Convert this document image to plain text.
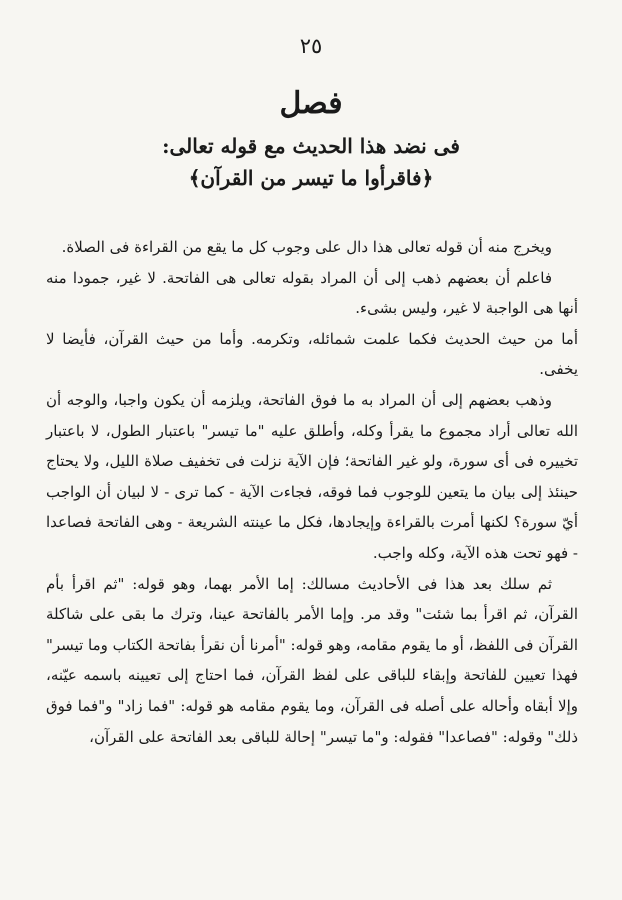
٢٥
فصل
فى نضد هذا الحديث مع قوله تعالى:
﴿فاقرأوا ما تيسر من القرآن﴾

ويخرج منه أن قوله تعالى هذا دال على وجوب كل ما يقع من القراءة فى الصلاة.

فاعلم أن بعضهم ذهب إلى أن المراد بقوله تعالى هى الفاتحة. لا غير، جمودا منه أنها هى الواجبة لا غير، وليس بشىء.

أما من حيث الحديث فكما علمت شمائله، وتكرمه. وأما من حيث القرآن، فأيضا لا يخفى.

وذهب بعضهم إلى أن المراد به ما فوق الفاتحة، ويلزمه أن يكون واجبا، والوجه أن الله تعالى أراد مجموع ما يقرأ وكله، وأطلق عليه "ما تيسر" باعتبار الطول، لا باعتبار تخييره فى أى سورة، ولو غير الفاتحة؛ فإن الآية نزلت فى تخفيف صلاة الليل، ولا يحتاج حينئذ إلى بيان ما يتعين للوجوب فما فوقه، فجاءت الآية - كما ترى - لا لبيان أن الواجب أيّ سورة؟ لكنها أمرت بالقراءة وإيجادها، فكل ما عينته الشريعة - وهى الفاتحة فصاعدا - فهو تحت هذه الآية، وكله واجب.

ثم سلك بعد هذا فى الأحاديث مسالك: إما الأمر بهما، وهو قوله: "ثم اقرأ بأم القرآن، ثم اقرأ بما شئت" وقد مر. وإما الأمر بالفاتحة عينا، وترك ما بقى على شاكلة القرآن فى اللفظ، أو ما يقوم مقامه، وهو قوله: "أمرنا أن نقرأ بفاتحة الكتاب وما تيسر" فهذا تعيين للفاتحة وإبقاء للباقى على لفظ القرآن، فما احتاج إلى تعيينه باسمه عيّنه، وإلا أبقاه وأحاله على أصله فى القرآن، وما يقوم مقامه هو قوله: "فما زاد" و"فما فوق ذلك" وقوله: "فصاعدا" فقوله: و"ما تيسر" إحالة للباقى بعد الفاتحة على القرآن،
